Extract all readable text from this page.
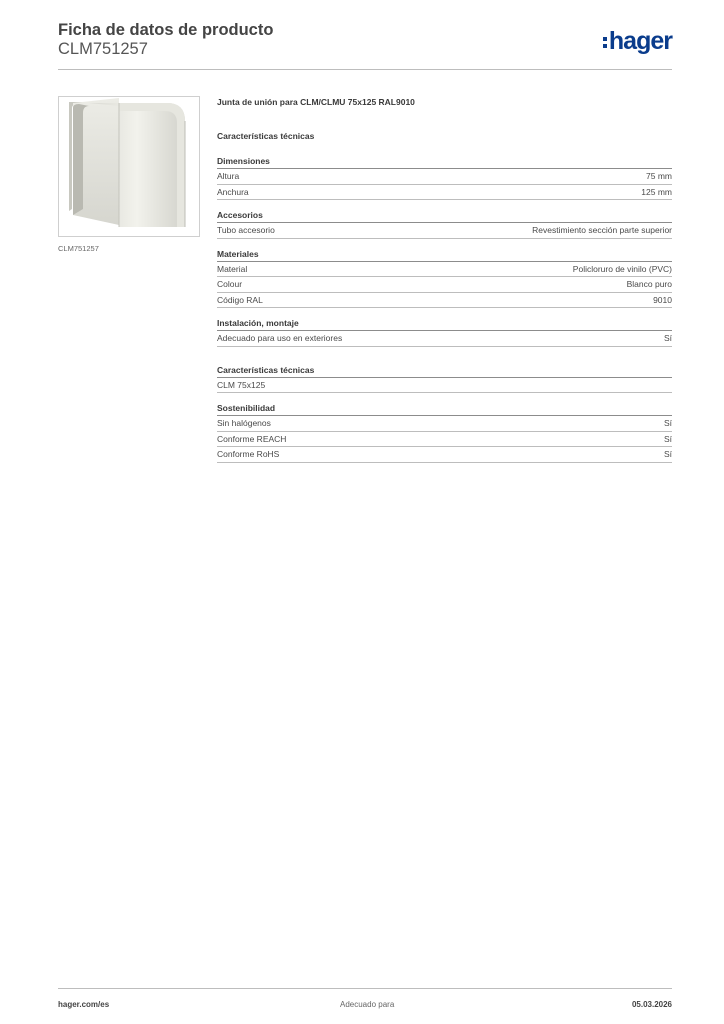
Ficha de datos de producto
CLM751257	hager
CLM751257
Junta de unión para CLM/CLMU 75x125 RAL9010
Características técnicas
Dimensiones
Altura	75 mm
Anchura	125 mm
Accesorios
Tubo accesorio	Revestimiento sección parte superior
Materiales
Material	Policloruro de vinilo (PVC)
Colour	Blanco puro
Código RAL	9010
Instalación, montaje
Adecuado para uso en exteriores	Sí
Características técnicas
CLM 75x125
Sostenibilidad
Sin halógenos	Sí
Conforme REACH	Sí
Conforme RoHS	Sí
hager.com/es	Adecuado para	05.03.2026
